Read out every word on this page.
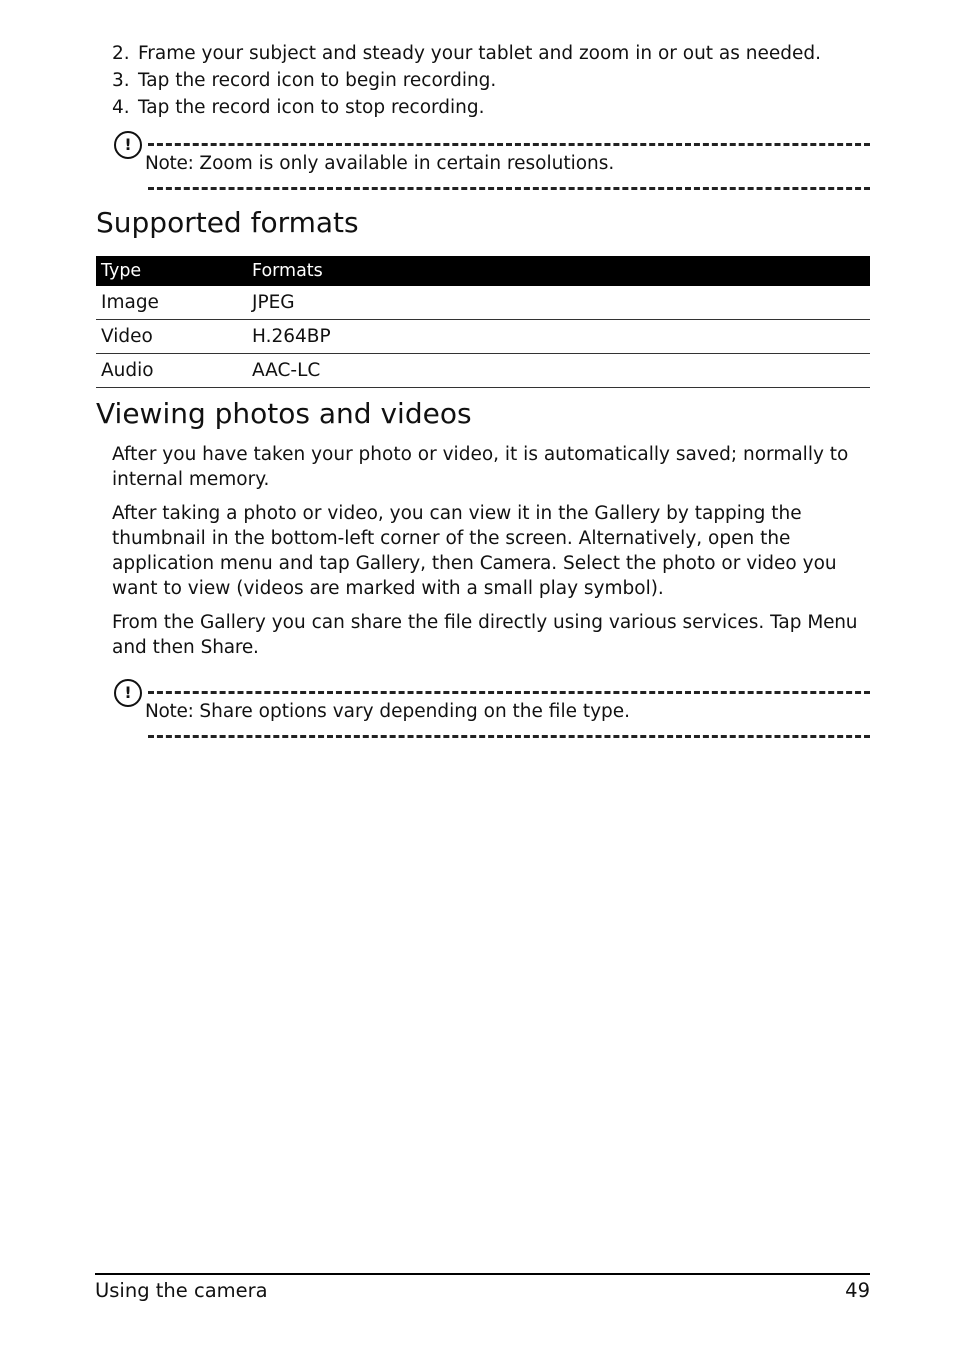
2. Frame your subject and steady your tablet and zoom in or out as needed.
3. Tap the record icon to begin recording.
4. Tap the record icon to stop recording.
!
Note: Zoom is only available in certain resolutions.
Supported formats
Type	Formats
Image	JPEG
Video	H.264BP
Audio	AAC-LC
Viewing photos and videos

After you have taken your photo or video, it is automatically saved; normally to internal memory.

After taking a photo or video, you can view it in the Gallery by tapping the thumbnail in the bottom-left corner of the screen. Alternatively, open the application menu and tap Gallery, then Camera. Select the photo or video you want to view (videos are marked with a small play symbol).

From the Gallery you can share the file directly using various services. Tap Menu and then Share.

!
Note: Share options vary depending on the file type.
Using the camera	49
